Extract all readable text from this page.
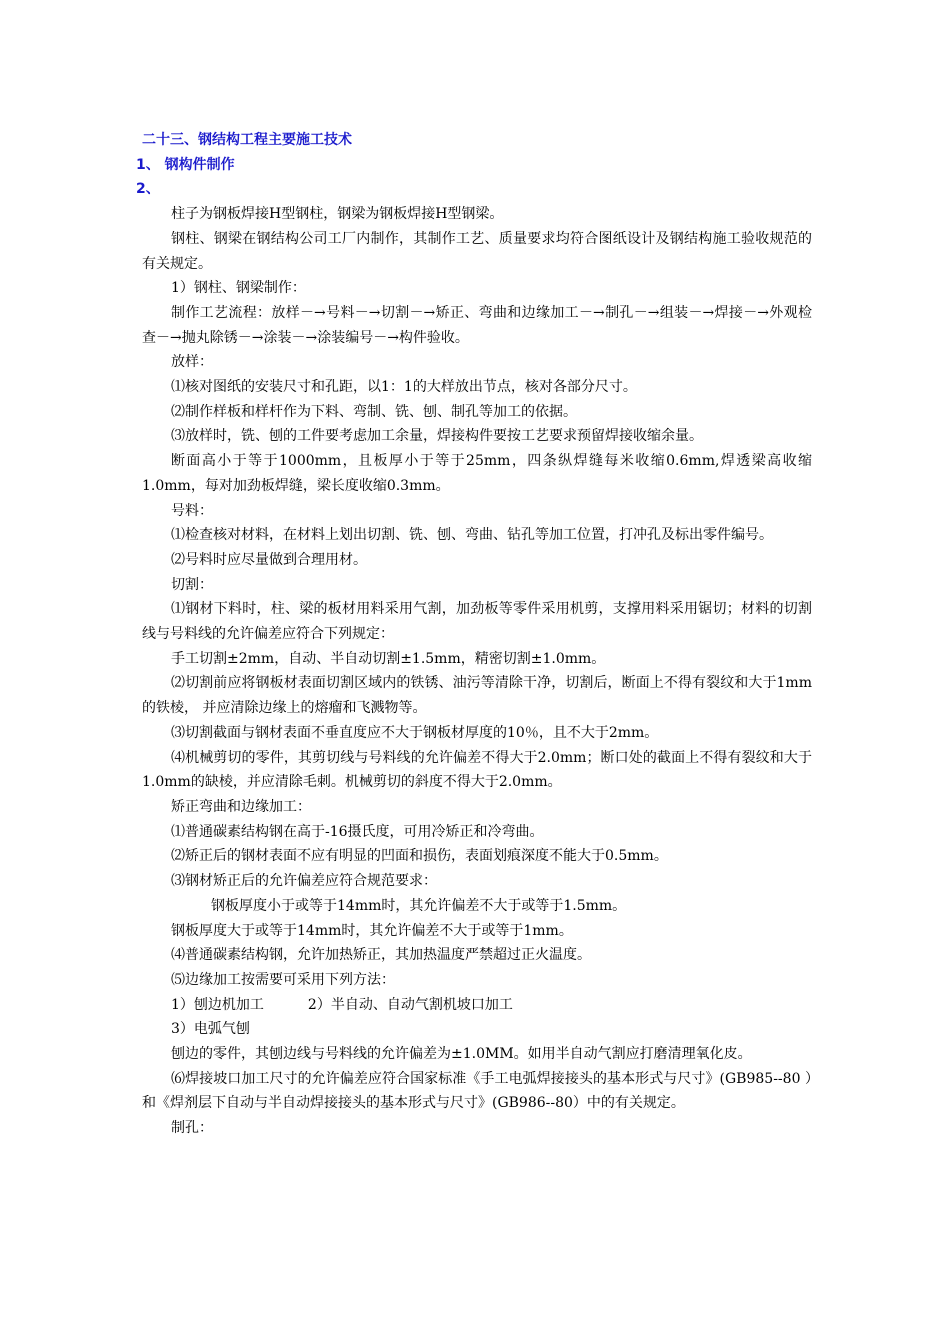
二十三、钢结构工程主要施工技术
1、 钢构件制作
2、

柱子为钢板焊接H型钢柱，钢梁为钢板焊接H型钢梁。

钢柱、钢梁在钢结构公司工厂内制作，其制作工艺、质量要求均符合图纸设计及钢结构施工验收规范的有关规定。

1）钢柱、钢梁制作：

制作工艺流程：放样－→号料－→切割－→矫正、弯曲和边缘加工－→制孔－→组装－→焊接－→外观检查－→抛丸除锈－→涂装－→涂装编号－→构件验收。

放样：

⑴核对图纸的安装尺寸和孔距，以1：1的大样放出节点，核对各部分尺寸。

⑵制作样板和样杆作为下料、弯制、铣、刨、制孔等加工的依据。

⑶放样时，铣、刨的工件要考虑加工余量，焊接构件要按工艺要求预留焊接收缩余量。

断面高小于等于1000mm，且板厚小于等于25mm，四条纵焊缝每米收缩0.6mm,焊透梁高收缩1.0mm，每对加劲板焊缝，梁长度收缩0.3mm。

号料：

⑴检查核对材料，在材料上划出切割、铣、刨、弯曲、钻孔等加工位置，打冲孔及标出零件编号。

⑵号料时应尽量做到合理用材。

切割：

⑴钢材下料时，柱、梁的板材用料采用气割，加劲板等零件采用机剪，支撑用料采用锯切；材料的切割线与号料线的允许偏差应符合下列规定：

手工切割±2mm，自动、半自动切割±1.5mm，精密切割±1.0mm。

⑵切割前应将钢板材表面切割区域内的铁锈、油污等清除干净，切割后，断面上不得有裂纹和大于1mm的铁棱， 并应清除边缘上的熔瘤和飞溅物等。

⑶切割截面与钢材表面不垂直度应不大于钢板材厚度的10％，且不大于2mm。

⑷机械剪切的零件，其剪切线与号料线的允许偏差不得大于2.0mm；断口处的截面上不得有裂纹和大于1.0mm的缺棱，并应清除毛刺。机械剪切的斜度不得大于2.0mm。

矫正弯曲和边缘加工：

⑴普通碳素结构钢在高于-16摄氏度，可用冷矫正和冷弯曲。

⑵矫正后的钢材表面不应有明显的凹面和损伤，表面划痕深度不能大于0.5mm。

⑶钢材矫正后的允许偏差应符合规范要求：

钢板厚度小于或等于14mm时，其允许偏差不大于或等于1.5mm。

钢板厚度大于或等于14mm时，其允许偏差不大于或等于1mm。

⑷普通碳素结构钢，允许加热矫正，其加热温度严禁超过正火温度。

⑸边缘加工按需要可采用下列方法：

1）刨边机加工	2）半自动、自动气割机坡口加工

3）电弧气刨

刨边的零件，其刨边线与号料线的允许偏差为±1.0MM。如用半自动气割应打磨清理氧化皮。

⑹焊接坡口加工尺寸的允许偏差应符合国家标准《手工电弧焊接接头的基本形式与尺寸》(GB985--80 ）和《焊剂层下自动与半自动焊接接头的基本形式与尺寸》(GB986--80）中的有关规定。

制孔：
